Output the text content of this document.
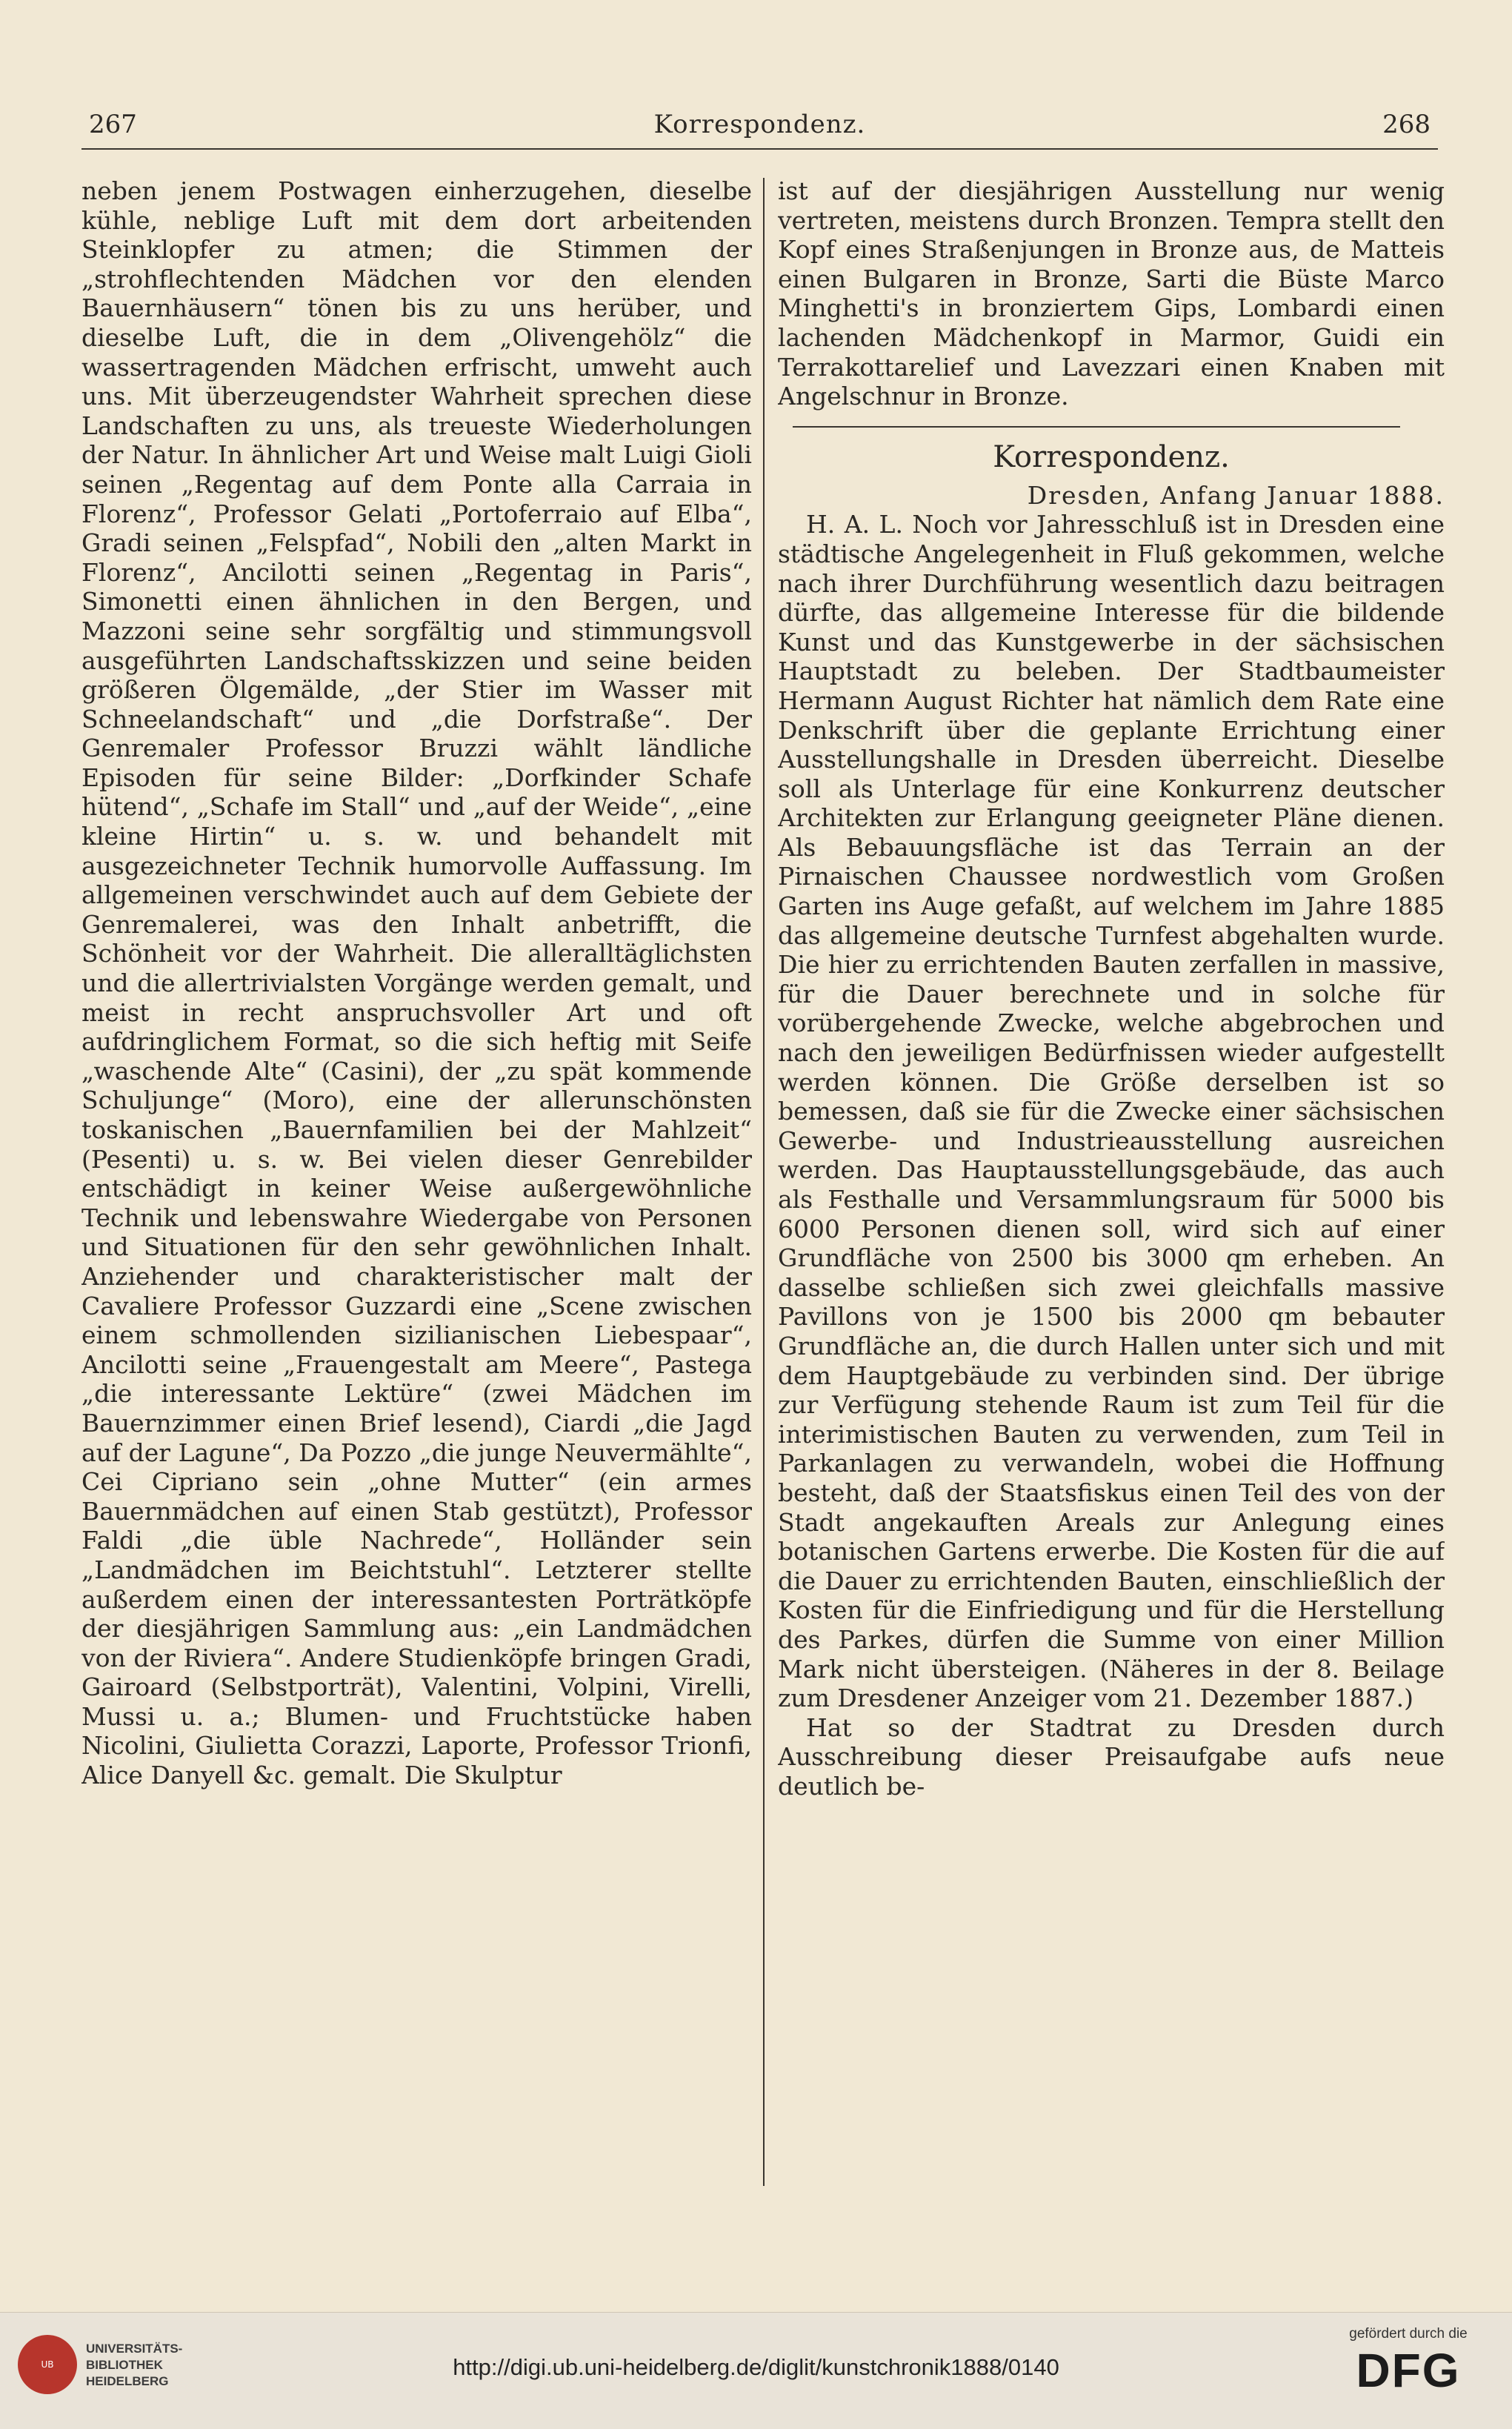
267	Korrespondenz.	268

neben jenem Postwagen einherzugehen, dieselbe kühle, neblige Luft mit dem dort arbeitenden Steinklopfer zu atmen; die Stimmen der „strohflechtenden Mädchen vor den elenden Bauernhäusern“ tönen bis zu uns herüber, und dieselbe Luft, die in dem „Olivengehölz“ die wassertragenden Mädchen erfrischt, umweht auch uns. Mit überzeugendster Wahrheit sprechen diese Landschaften zu uns, als treueste Wiederholungen der Natur. In ähnlicher Art und Weise malt Luigi Gioli seinen „Regentag auf dem Ponte alla Carraia in Florenz“, Professor Gelati „Portoferraio auf Elba“, Gradi seinen „Felspfad“, Nobili den „alten Markt in Florenz“, Ancilotti seinen „Regentag in Paris“, Simonetti einen ähnlichen in den Bergen, und Mazzoni seine sehr sorgfältig und stimmungsvoll ausgeführten Landschaftsskizzen und seine beiden größeren Ölgemälde, „der Stier im Wasser mit Schneelandschaft“ und „die Dorfstraße“. Der Genremaler Professor Bruzzi wählt ländliche Episoden für seine Bilder: „Dorfkinder Schafe hütend“, „Schafe im Stall“ und „auf der Weide“, „eine kleine Hirtin“ u. s. w. und behandelt mit ausgezeichneter Technik humorvolle Auffassung. Im allgemeinen verschwindet auch auf dem Gebiete der Genremalerei, was den Inhalt anbetrifft, die Schönheit vor der Wahrheit. Die alleralltäglichsten und die allertrivialsten Vorgänge werden gemalt, und meist in recht anspruchsvoller Art und oft aufdringlichem Format, so die sich heftig mit Seife „waschende Alte“ (Casini), der „zu spät kommende Schuljunge“ (Moro), eine der allerunschönsten toskanischen „Bauernfamilien bei der Mahlzeit“ (Pesenti) u. s. w. Bei vielen dieser Genrebilder entschädigt in keiner Weise außergewöhnliche Technik und lebenswahre Wiedergabe von Personen und Situationen für den sehr gewöhnlichen Inhalt. Anziehender und charakteristischer malt der Cavaliere Professor Guzzardi eine „Scene zwischen einem schmollenden sizilianischen Liebespaar“, Ancilotti seine „Frauengestalt am Meere“, Pastega „die interessante Lektüre“ (zwei Mädchen im Bauernzimmer einen Brief lesend), Ciardi „die Jagd auf der Lagune“, Da Pozzo „die junge Neuvermählte“, Cei Cipriano sein „ohne Mutter“ (ein armes Bauernmädchen auf einen Stab gestützt), Professor Faldi „die üble Nachrede“, Holländer sein „Landmädchen im Beichtstuhl“. Letzterer stellte außerdem einen der interessantesten Porträtköpfe der diesjährigen Sammlung aus: „ein Landmädchen von der Riviera“. Andere Studienköpfe bringen Gradi, Gairoard (Selbstporträt), Valentini, Volpini, Virelli, Mussi u. a.; Blumen- und Fruchtstücke haben Nicolini, Giulietta Corazzi, Laporte, Professor Trionfi, Alice Danyell &c. gemalt. Die Skulptur

ist auf der diesjährigen Ausstellung nur wenig vertreten, meistens durch Bronzen. Tempra stellt den Kopf eines Straßenjungen in Bronze aus, de Matteis einen Bulgaren in Bronze, Sarti die Büste Marco Minghetti's in bronziertem Gips, Lombardi einen lachenden Mädchenkopf in Marmor, Guidi ein Terrakottarelief und Lavezzari einen Knaben mit Angelschnur in Bronze.

Korrespondenz.

Dresden, Anfang Januar 1888.

H. A. L. Noch vor Jahresschluß ist in Dresden eine städtische Angelegenheit in Fluß gekommen, welche nach ihrer Durchführung wesentlich dazu beitragen dürfte, das allgemeine Interesse für die bildende Kunst und das Kunstgewerbe in der sächsischen Hauptstadt zu beleben. Der Stadtbaumeister Hermann August Richter hat nämlich dem Rate eine Denkschrift über die geplante Errichtung einer Ausstellungshalle in Dresden überreicht. Dieselbe soll als Unterlage für eine Konkurrenz deutscher Architekten zur Erlangung geeigneter Pläne dienen. Als Bebauungsfläche ist das Terrain an der Pirnaischen Chaussee nordwestlich vom Großen Garten ins Auge gefaßt, auf welchem im Jahre 1885 das allgemeine deutsche Turnfest abgehalten wurde. Die hier zu errichtenden Bauten zerfallen in massive, für die Dauer berechnete und in solche für vorübergehende Zwecke, welche abgebrochen und nach den jeweiligen Bedürfnissen wieder aufgestellt werden können. Die Größe derselben ist so bemessen, daß sie für die Zwecke einer sächsischen Gewerbe- und Industrieausstellung ausreichen werden. Das Hauptausstellungsgebäude, das auch als Festhalle und Versammlungsraum für 5000 bis 6000 Personen dienen soll, wird sich auf einer Grundfläche von 2500 bis 3000 qm erheben. An dasselbe schließen sich zwei gleichfalls massive Pavillons von je 1500 bis 2000 qm bebauter Grundfläche an, die durch Hallen unter sich und mit dem Hauptgebäude zu verbinden sind. Der übrige zur Verfügung stehende Raum ist zum Teil für die interimistischen Bauten zu verwenden, zum Teil in Parkanlagen zu verwandeln, wobei die Hoffnung besteht, daß der Staatsfiskus einen Teil des von der Stadt angekauften Areals zur Anlegung eines botanischen Gartens erwerbe. Die Kosten für die auf die Dauer zu errichtenden Bauten, einschließlich der Kosten für die Einfriedigung und für die Herstellung des Parkes, dürfen die Summe von einer Million Mark nicht übersteigen. (Näheres in der 8. Beilage zum Dresdener Anzeiger vom 21. Dezember 1887.)

Hat so der Stadtrat zu Dresden durch Ausschreibung dieser Preisaufgabe aufs neue deutlich be-

UB
UNIVERSITÄTS-
BIBLIOTHEK
HEIDELBERG
http://digi.ub.uni-heidelberg.de/diglit/kunstchronik1888/0140
gefördert durch die
DFG
